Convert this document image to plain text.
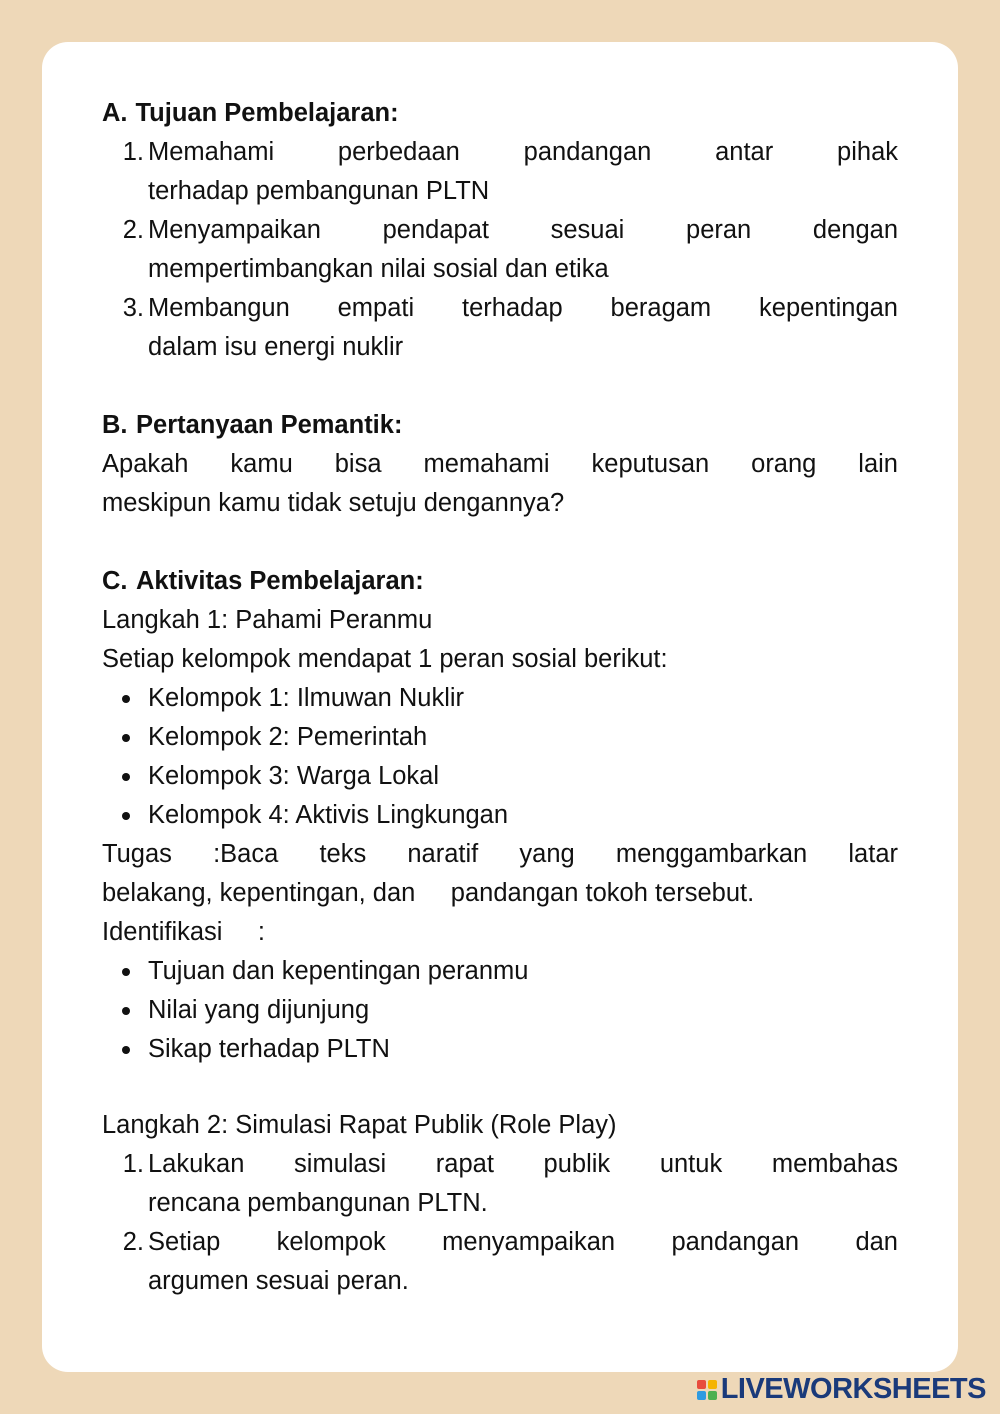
A. Tujuan Pembelajaran:

1. Memahami perbedaan pandangan antar pihak
terhadap pembangunan PLTN
2. Menyampaikan pendapat sesuai peran dengan
mempertimbangkan nilai sosial dan etika
3. Membangun empati terhadap beragam kepentingan
dalam isu energi nuklir

B. Pertanyaan Pemantik:

Apakah kamu bisa memahami keputusan orang lain
meskipun kamu tidak setuju dengannya?

C. Aktivitas Pembelajaran:

Langkah 1: Pahami Peranmu

Setiap kelompok mendapat 1 peran sosial berikut:

Kelompok 1: Ilmuwan Nuklir
Kelompok 2: Pemerintah
Kelompok 3: Warga Lokal
Kelompok 4: Aktivis Lingkungan

Tugas :Baca teks naratif yang menggambarkan latar
belakang, kepentingan, dan     pandangan tokoh tersebut.

Identifikasi     :

Tujuan dan kepentingan peranmu
Nilai yang dijunjung
Sikap terhadap PLTN

Langkah 2: Simulasi Rapat Publik (Role Play)

1. Lakukan simulasi rapat publik untuk membahas
rencana pembangunan PLTN.
2. Setiap kelompok menyampaikan pandangan dan
argumen sesuai peran.
LIVEWORKSHEETS
